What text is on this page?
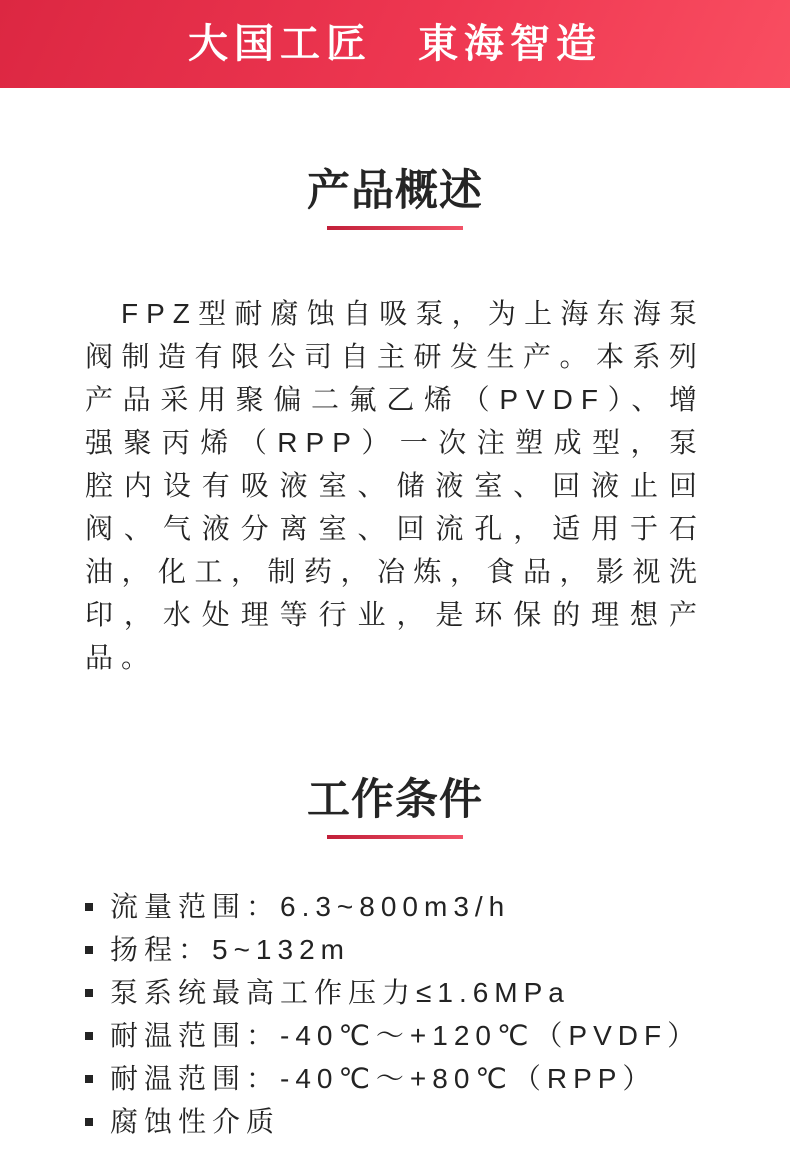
大国工匠　東海智造
产品概述

FPZ型耐腐蚀自吸泵，为上海东海泵阀制造有限公司自主研发生产。本系列产品采用聚偏二氟乙烯（PVDF）、增强聚丙烯（RPP）一次注塑成型，泵腔内设有吸液室、储液室、回液止回阀、气液分离室、回流孔，适用于石油，化工，制药，冶炼，食品，影视洗印，水处理等行业，是环保的理想产品。

工作条件
流量范围：6.3~800m3/h
扬程：5~132m
泵系统最高工作压力≤1.6MPa
耐温范围：-40℃～+120℃（PVDF）
耐温范围：-40℃～+80℃（RPP）
腐蚀性介质
